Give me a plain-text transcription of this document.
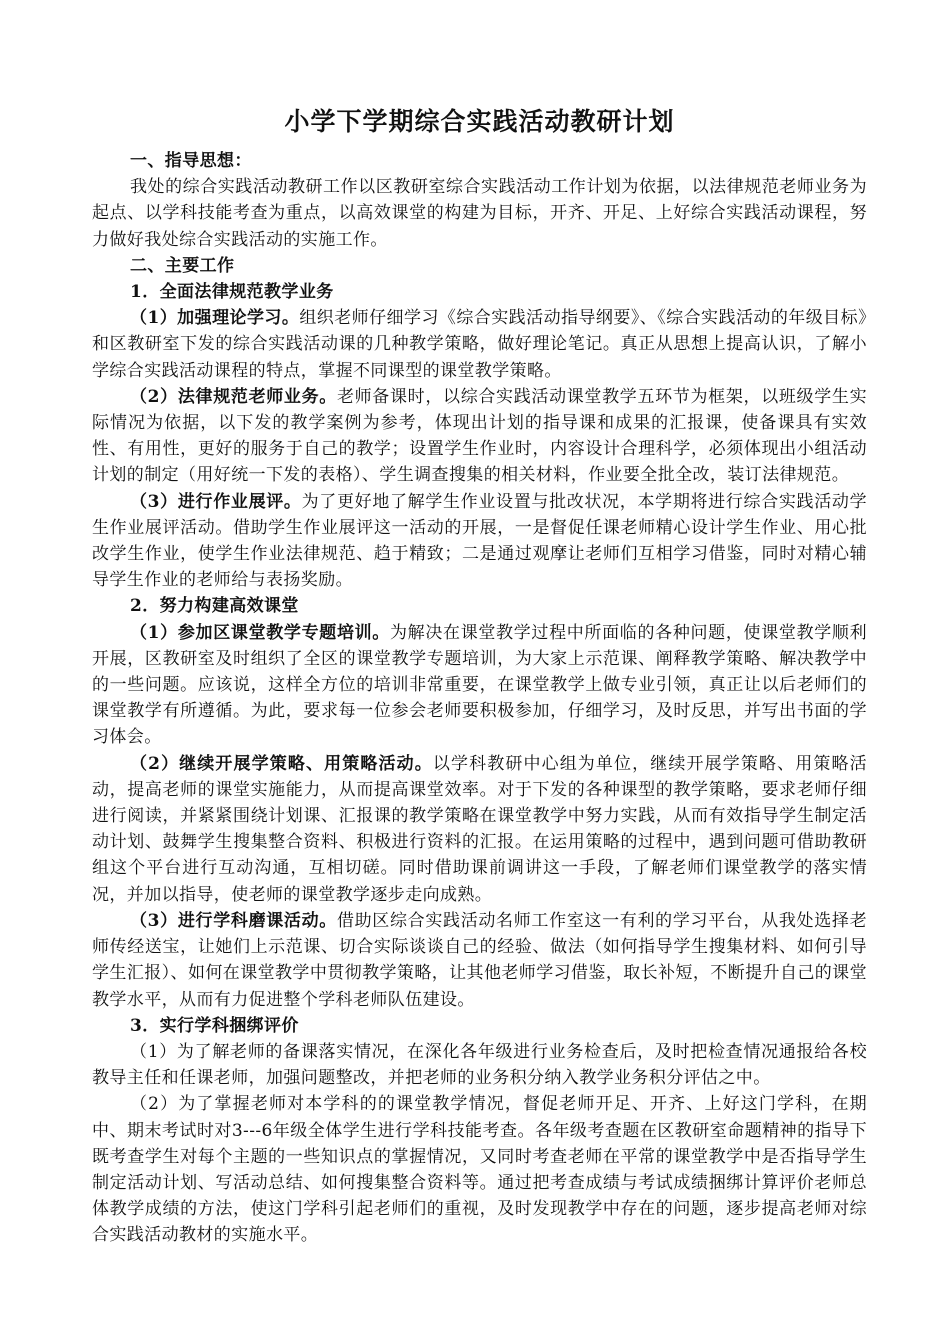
小学下学期综合实践活动教研计划

一、指导思想：

我处的综合实践活动教研工作以区教研室综合实践活动工作计划为依据，以法律规范老师业务为起点、以学科技能考查为重点，以高效课堂的构建为目标，开齐、开足、上好综合实践活动课程，努力做好我处综合实践活动的实施工作。

二、主要工作

1．全面法律规范教学业务

（1）加强理论学习。组织老师仔细学习《综合实践活动指导纲要》、《综合实践活动的年级目标》和区教研室下发的综合实践活动课的几种教学策略，做好理论笔记。真正从思想上提高认识，了解小学综合实践活动课程的特点，掌握不同课型的课堂教学策略。

（2）法律规范老师业务。老师备课时，以综合实践活动课堂教学五环节为框架，以班级学生实际情况为依据，以下发的教学案例为参考，体现出计划的指导课和成果的汇报课，使备课具有实效性、有用性，更好的服务于自己的教学；设置学生作业时，内容设计合理科学，必须体现出小组活动计划的制定（用好统一下发的表格）、学生调查搜集的相关材料，作业要全批全改，装订法律规范。

（3）进行作业展评。为了更好地了解学生作业设置与批改状况，本学期将进行综合实践活动学生作业展评活动。借助学生作业展评这一活动的开展，一是督促任课老师精心设计学生作业、用心批改学生作业，使学生作业法律规范、趋于精致；二是通过观摩让老师们互相学习借鉴，同时对精心辅导学生作业的老师给与表扬奖励。

2．努力构建高效课堂

（1）参加区课堂教学专题培训。为解决在课堂教学过程中所面临的各种问题，使课堂教学顺利开展，区教研室及时组织了全区的课堂教学专题培训，为大家上示范课、阐释教学策略、解决教学中的一些问题。应该说，这样全方位的培训非常重要，在课堂教学上做专业引领，真正让以后老师们的课堂教学有所遵循。为此，要求每一位参会老师要积极参加，仔细学习，及时反思，并写出书面的学习体会。

（2）继续开展学策略、用策略活动。以学科教研中心组为单位，继续开展学策略、用策略活动，提高老师的课堂实施能力，从而提高课堂效率。对于下发的各种课型的教学策略，要求老师仔细进行阅读，并紧紧围绕计划课、汇报课的教学策略在课堂教学中努力实践，从而有效指导学生制定活动计划、鼓舞学生搜集整合资料、积极进行资料的汇报。在运用策略的过程中，遇到问题可借助教研组这个平台进行互动沟通，互相切磋。同时借助课前调讲这一手段，了解老师们课堂教学的落实情况，并加以指导，使老师的课堂教学逐步走向成熟。

（3）进行学科磨课活动。借助区综合实践活动名师工作室这一有利的学习平台，从我处选择老师传经送宝，让她们上示范课、切合实际谈谈自己的经验、做法（如何指导学生搜集材料、如何引导学生汇报）、如何在课堂教学中贯彻教学策略，让其他老师学习借鉴，取长补短，不断提升自己的课堂教学水平，从而有力促进整个学科老师队伍建设。

3．实行学科捆绑评价

（1）为了解老师的备课落实情况，在深化各年级进行业务检查后，及时把检查情况通报给各校教导主任和任课老师，加强问题整改，并把老师的业务积分纳入教学业务积分评估之中。

（2）为了掌握老师对本学科的的课堂教学情况，督促老师开足、开齐、上好这门学科，在期中、期末考试时对3---6年级全体学生进行学科技能考查。各年级考查题在区教研室命题精神的指导下既考查学生对每个主题的一些知识点的掌握情况，又同时考查老师在平常的课堂教学中是否指导学生制定活动计划、写活动总结、如何搜集整合资料等。通过把考查成绩与考试成绩捆绑计算评价老师总体教学成绩的方法，使这门学科引起老师们的重视，及时发现教学中存在的问题，逐步提高老师对综合实践活动教材的实施水平。
